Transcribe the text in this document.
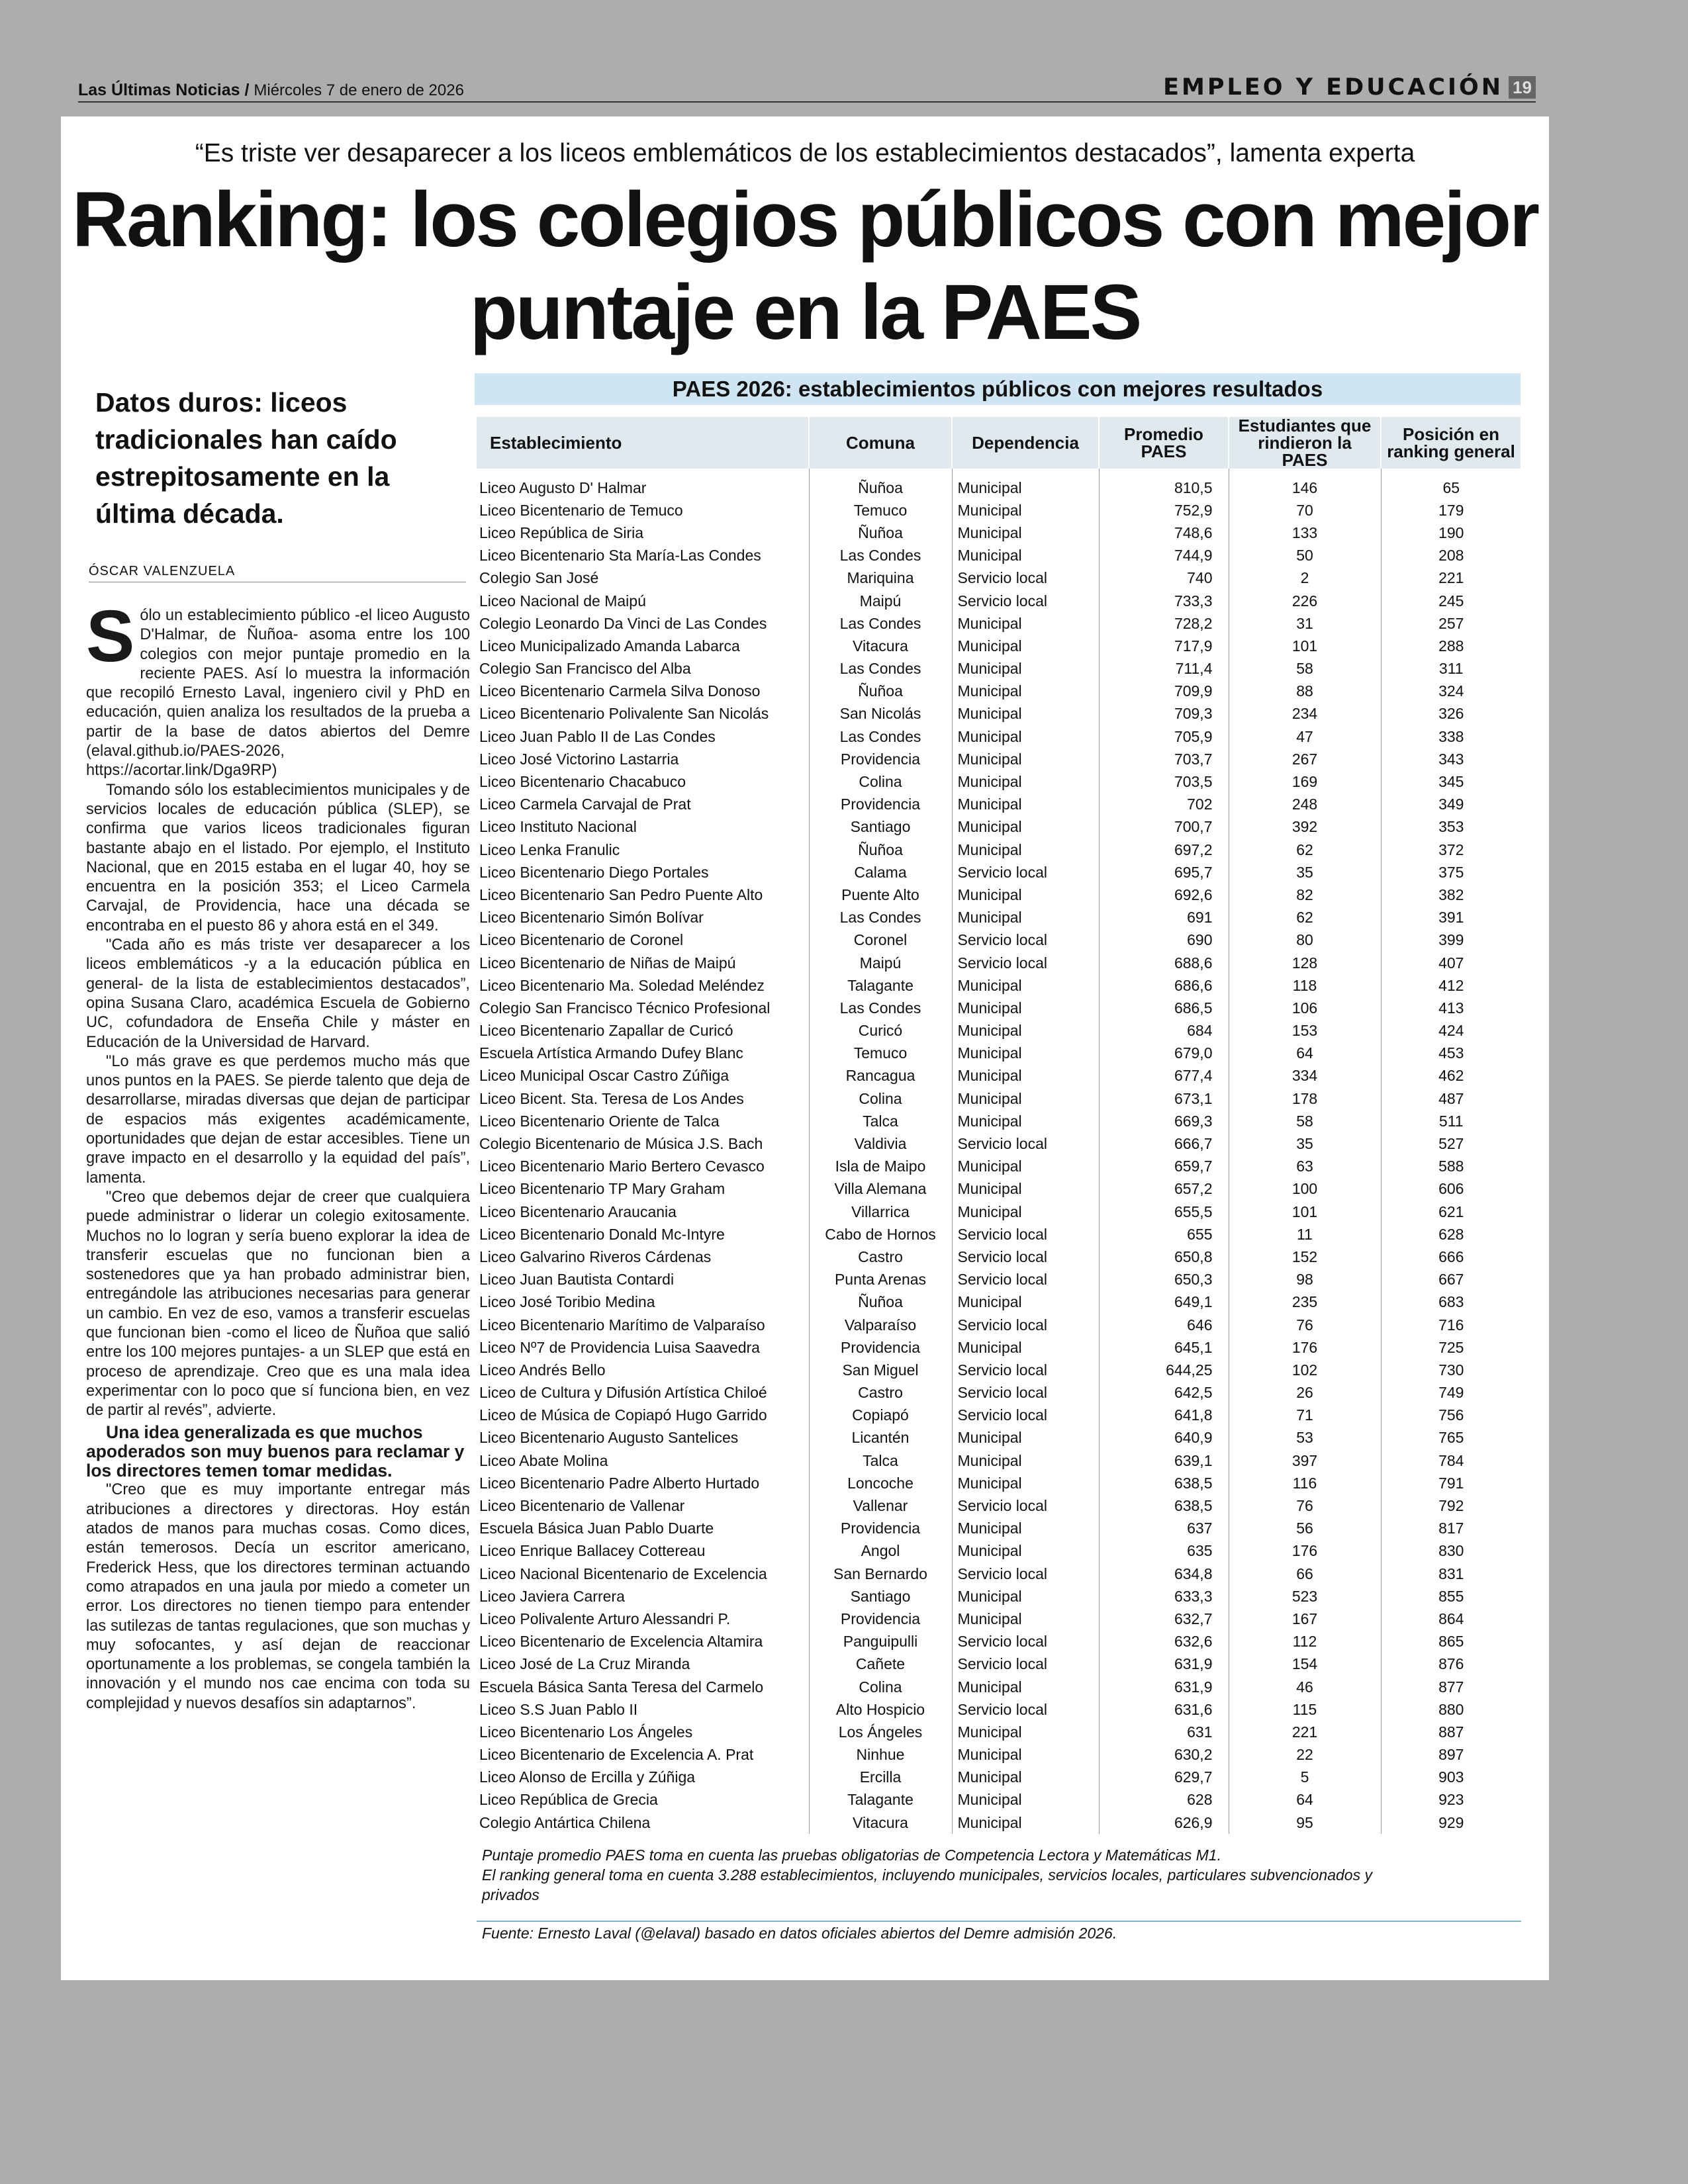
Las Últimas Noticias / Miércoles 7 de enero de 2026	EMPLEO Y EDUCACIÓN 19
“Es triste ver desaparecer a los liceos emblemáticos de los establecimientos destacados”, lamenta experta
Ranking: los colegios públicos con mejor puntaje en la PAES
Datos duros: liceos tradicionales han caído estrepitosamente en la última década.
ÓSCAR VALENZUELA

Sólo un establecimiento público -el liceo Augusto D'Halmar, de Ñuñoa- asoma entre los 100 colegios con mejor puntaje promedio en la reciente PAES. Así lo muestra la información que recopiló Ernesto Laval, ingeniero civil y PhD en educación, quien analiza los resultados de la prueba a partir de la base de datos abiertos del Demre (elaval.github.io/PAES-2026, https://acortar.link/Dga9RP)

Tomando sólo los establecimientos municipales y de servicios locales de educación pública (SLEP), se confirma que varios liceos tradicionales figuran bastante abajo en el listado. Por ejemplo, el Instituto Nacional, que en 2015 estaba en el lugar 40, hoy se encuentra en la posición 353; el Liceo Carmela Carvajal, de Providencia, hace una década se encontraba en el puesto 86 y ahora está en el 349.

"Cada año es más triste ver desaparecer a los liceos emblemáticos -y a la educación pública en general- de la lista de establecimientos destacados”, opina Susana Claro, académica Escuela de Gobierno UC, cofundadora de Enseña Chile y máster en Educación de la Universidad de Harvard.

"Lo más grave es que perdemos mucho más que unos puntos en la PAES. Se pierde talento que deja de desarrollarse, miradas diversas que dejan de participar de espacios más exigentes académicamente, oportunidades que dejan de estar accesibles. Tiene un grave impacto en el desarrollo y la equidad del país”, lamenta.

"Creo que debemos dejar de creer que cualquiera puede administrar o liderar un colegio exitosamente. Muchos no lo logran y sería bueno explorar la idea de transferir escuelas que no funcionan bien a sostenedores que ya han probado administrar bien, entregándole las atribuciones necesarias para generar un cambio. En vez de eso, vamos a transferir escuelas que funcionan bien -como el liceo de Ñuñoa que salió entre los 100 mejores puntajes- a un SLEP que está en proceso de aprendizaje. Creo que es una mala idea experimentar con lo poco que sí funciona bien, en vez de partir al revés”, advierte.

Una idea generalizada es que muchos apoderados son muy buenos para reclamar y los directores temen tomar medidas.

"Creo que es muy importante entregar más atribuciones a directores y directoras. Hoy están atados de manos para muchas cosas. Como dices, están temerosos. Decía un escritor americano, Frederick Hess, que los directores terminan actuando como atrapados en una jaula por miedo a cometer un error. Los directores no tienen tiempo para entender las sutilezas de tantas regulaciones, que son muchas y muy sofocantes, y así dejan de reaccionar oportunamente a los problemas, se congela también la innovación y el mundo nos cae encima con toda su complejidad y nuevos desafíos sin adaptarnos”.

PAES 2026: establecimientos públicos con mejores resultados
Establecimiento	Comuna	Dependencia	Promedio PAES	Estudiantes que rindieron la PAES	Posición en ranking general

Liceo Augusto D' Halmar	Ñuñoa	Municipal	810,5	146	65
Liceo Bicentenario de Temuco	Temuco	Municipal	752,9	70	179
Liceo República de Siria	Ñuñoa	Municipal	748,6	133	190
Liceo Bicentenario Sta María-Las Condes	Las Condes	Municipal	744,9	50	208
Colegio San José	Mariquina	Servicio local	740	2	221
Liceo Nacional de Maipú	Maipú	Servicio local	733,3	226	245
Colegio Leonardo Da Vinci de Las Condes	Las Condes	Municipal	728,2	31	257
Liceo Municipalizado Amanda Labarca	Vitacura	Municipal	717,9	101	288
Colegio San Francisco del Alba	Las Condes	Municipal	711,4	58	311
Liceo Bicentenario Carmela Silva Donoso	Ñuñoa	Municipal	709,9	88	324
Liceo Bicentenario Polivalente San Nicolás	San Nicolás	Municipal	709,3	234	326
Liceo Juan Pablo II de Las Condes	Las Condes	Municipal	705,9	47	338
Liceo José Victorino Lastarria	Providencia	Municipal	703,7	267	343
Liceo Bicentenario Chacabuco	Colina	Municipal	703,5	169	345
Liceo Carmela Carvajal de Prat	Providencia	Municipal	702	248	349
Liceo Instituto Nacional	Santiago	Municipal	700,7	392	353
Liceo Lenka Franulic	Ñuñoa	Municipal	697,2	62	372
Liceo Bicentenario Diego Portales	Calama	Servicio local	695,7	35	375
Liceo Bicentenario San Pedro Puente Alto	Puente Alto	Municipal	692,6	82	382
Liceo Bicentenario Simón Bolívar	Las Condes	Municipal	691	62	391
Liceo Bicentenario de Coronel	Coronel	Servicio local	690	80	399
Liceo Bicentenario de Niñas de Maipú	Maipú	Servicio local	688,6	128	407
Liceo Bicentenario Ma. Soledad Meléndez	Talagante	Municipal	686,6	118	412
Colegio San Francisco Técnico Profesional	Las Condes	Municipal	686,5	106	413
Liceo Bicentenario Zapallar de Curicó	Curicó	Municipal	684	153	424
Escuela Artística Armando Dufey Blanc	Temuco	Municipal	679,0	64	453
Liceo Municipal Oscar Castro Zúñiga	Rancagua	Municipal	677,4	334	462
Liceo Bicent. Sta. Teresa de Los Andes	Colina	Municipal	673,1	178	487
Liceo Bicentenario Oriente de Talca	Talca	Municipal	669,3	58	511
Colegio Bicentenario de Música J.S. Bach	Valdivia	Servicio local	666,7	35	527
Liceo Bicentenario Mario Bertero Cevasco	Isla de Maipo	Municipal	659,7	63	588
Liceo Bicentenario TP Mary Graham	Villa Alemana	Municipal	657,2	100	606
Liceo Bicentenario Araucania	Villarrica	Municipal	655,5	101	621
Liceo Bicentenario Donald Mc-Intyre	Cabo de Hornos	Servicio local	655	11	628
Liceo Galvarino Riveros Cárdenas	Castro	Servicio local	650,8	152	666
Liceo Juan Bautista Contardi	Punta Arenas	Servicio local	650,3	98	667
Liceo José Toribio Medina	Ñuñoa	Municipal	649,1	235	683
Liceo Bicentenario Marítimo de Valparaíso	Valparaíso	Servicio local	646	76	716
Liceo Nº7 de Providencia Luisa Saavedra	Providencia	Municipal	645,1	176	725
Liceo Andrés Bello	San Miguel	Servicio local	644,25	102	730
Liceo de Cultura y Difusión Artística Chiloé	Castro	Servicio local	642,5	26	749
Liceo de Música de Copiapó Hugo Garrido	Copiapó	Servicio local	641,8	71	756
Liceo Bicentenario Augusto Santelices	Licantén	Municipal	640,9	53	765
Liceo Abate Molina	Talca	Municipal	639,1	397	784
Liceo Bicentenario Padre Alberto Hurtado	Loncoche	Municipal	638,5	116	791
Liceo Bicentenario de Vallenar	Vallenar	Servicio local	638,5	76	792
Escuela Básica Juan Pablo Duarte	Providencia	Municipal	637	56	817
Liceo Enrique Ballacey Cottereau	Angol	Municipal	635	176	830
Liceo Nacional Bicentenario de Excelencia	San Bernardo	Servicio local	634,8	66	831
Liceo Javiera Carrera	Santiago	Municipal	633,3	523	855
Liceo Polivalente Arturo Alessandri P.	Providencia	Municipal	632,7	167	864
Liceo Bicentenario de Excelencia Altamira	Panguipulli	Servicio local	632,6	112	865
Liceo José de La Cruz Miranda	Cañete	Servicio local	631,9	154	876
Escuela Básica Santa Teresa del Carmelo	Colina	Municipal	631,9	46	877
Liceo S.S Juan Pablo II	Alto Hospicio	Servicio local	631,6	115	880
Liceo Bicentenario Los Ángeles	Los Ángeles	Municipal	631	221	887
Liceo Bicentenario de Excelencia A. Prat	Ninhue	Municipal	630,2	22	897
Liceo Alonso de Ercilla y Zúñiga	Ercilla	Municipal	629,7	5	903
Liceo República de Grecia	Talagante	Municipal	628	64	923
Colegio Antártica Chilena	Vitacura	Municipal	626,9	95	929

Puntaje promedio PAES toma en cuenta las pruebas obligatorias de Competencia Lectora y Matemáticas M1.

El ranking general toma en cuenta 3.288 establecimientos, incluyendo municipales, servicios locales, particulares subvencionados y privados

Fuente: Ernesto Laval (@elaval) basado en datos oficiales abiertos del Demre admisión 2026.
